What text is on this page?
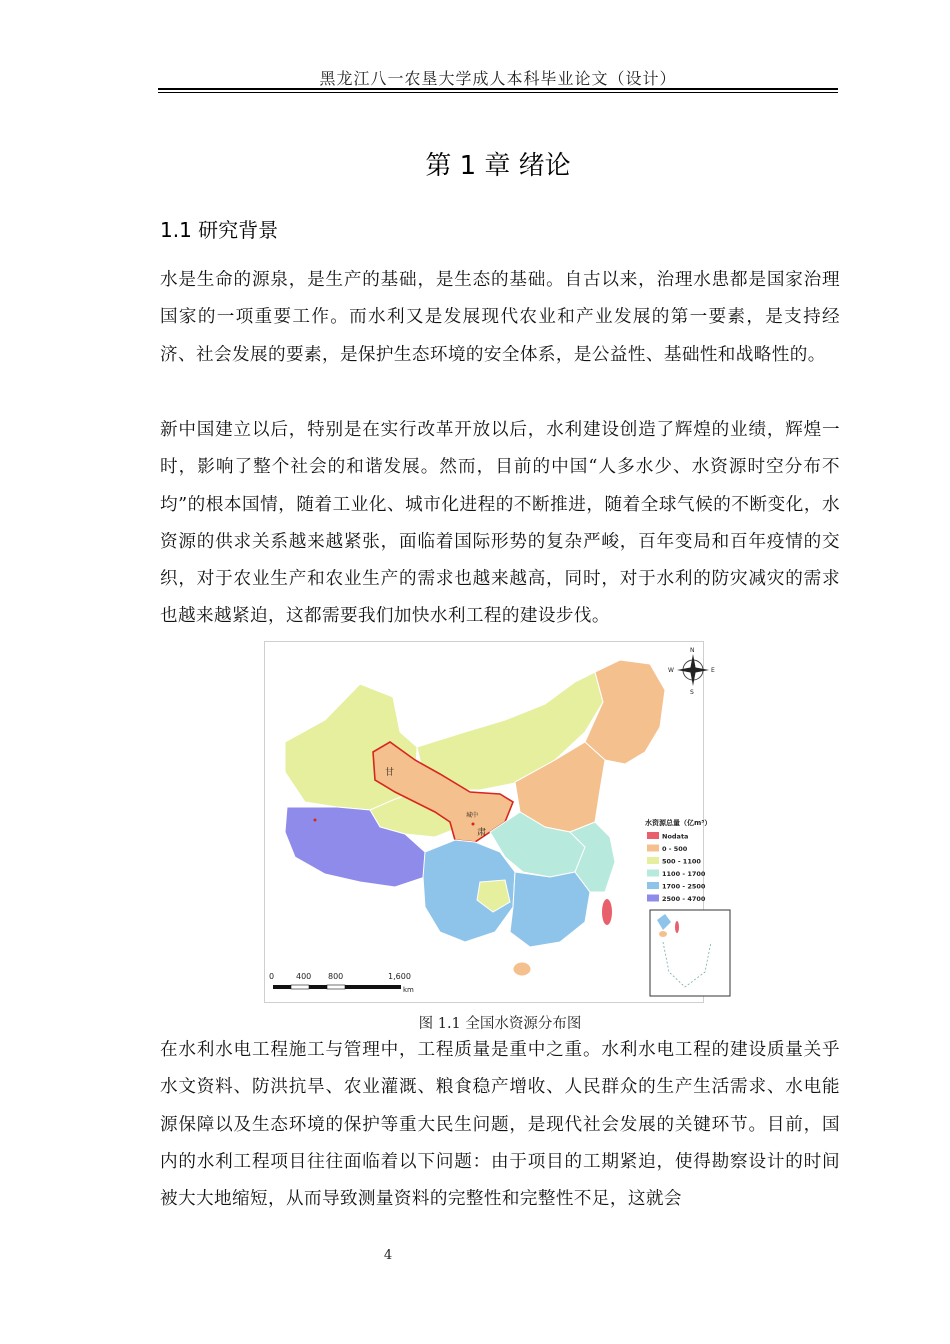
黑龙江八一农垦大学成人本科毕业论文（设计）
第 1 章 绪论
1.1 研究背景

水是生命的源泉，是生产的基础，是生态的基础。自古以来，治理水患都是国家治理国家的一项重要工作。而水利又是发展现代农业和产业发展的第一要素，是支持经济、社会发展的要素，是保护生态环境的安全体系，是公益性、基础性和战略性的。

新中国建立以后，特别是在实行改革开放以后，水利建设创造了辉煌的业绩，辉煌一时，影响了整个社会的和谐发展。然而，目前的中国“人多水少、水资源时空分布不均”的根本国情，随着工业化、城市化进程的不断推进，随着全球气候的不断变化，水资源的供求关系越来越紧张，面临着国际形势的复杂严峻，百年变局和百年疫情的交织，对于农业生产和农业生产的需求也越来越高，同时，对于水利的防灾减灾的需求也越来越紧迫，这都需要我们加快水利工程的建设步伐。

甘
肃
城中
N
S
W	E
水资源总量（亿m³）
Nodata
0 - 500
500 - 1100
1100 - 1700
1700 - 2500
2500 - 4700
0	400 800	1,600
km
图 1.1 全国水资源分布图

在水利水电工程施工与管理中，工程质量是重中之重。水利水电工程的建设质量关乎水文资料、防洪抗旱、农业灌溉、粮食稳产增收、人民群众的生产生活需求、水电能源保障以及生态环境的保护等重大民生问题，是现代社会发展的关键环节。目前，国内的水利工程项目往往面临着以下问题：由于项目的工期紧迫，使得勘察设计的时间被大大地缩短，从而导致测量资料的完整性和完整性不足，这就会

4
